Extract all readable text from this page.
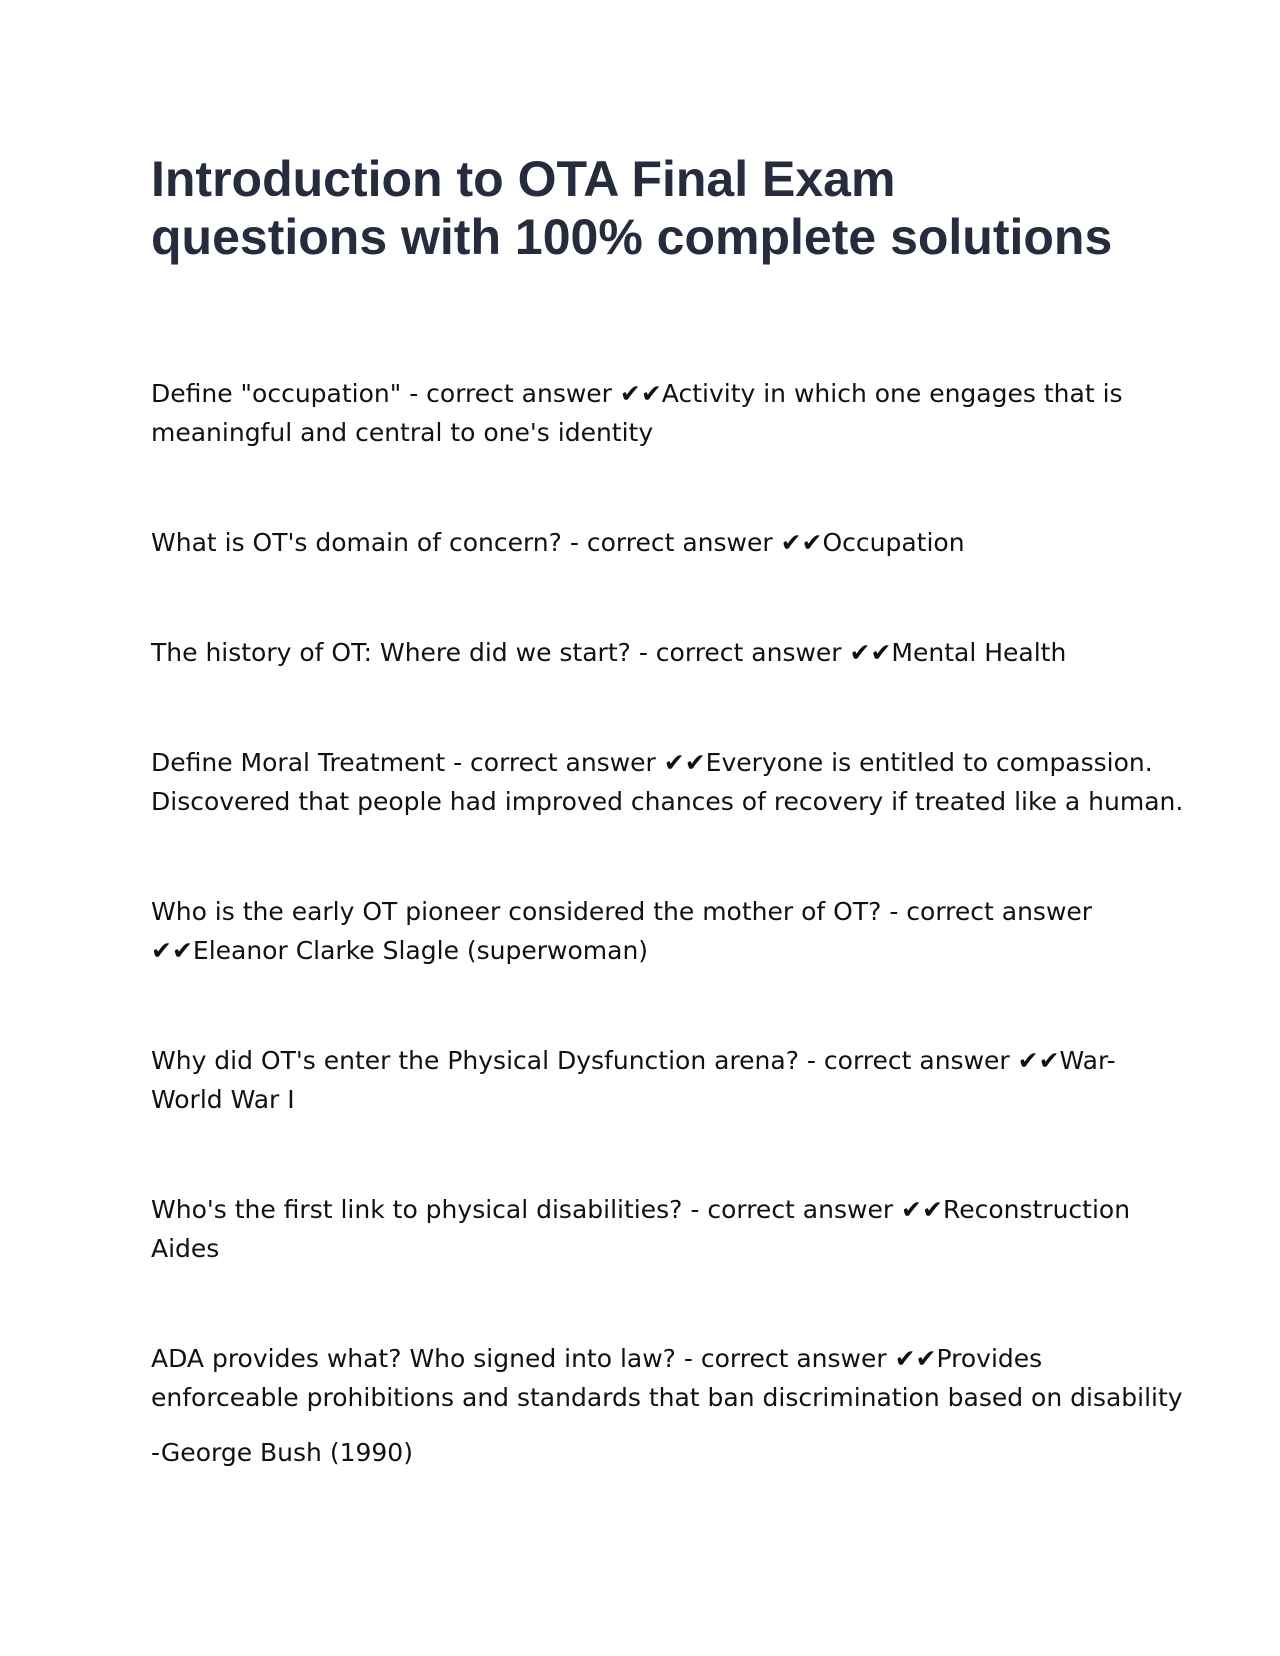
Introduction to OTA Final Exam
questions with 100% complete solutions
Define "occupation" - correct answer ✔✔Activity in which one engages that is
meaningful and central to one's identity
What is OT's domain of concern? - correct answer ✔✔Occupation
The history of OT: Where did we start? - correct answer ✔✔Mental Health
Define Moral Treatment - correct answer ✔✔Everyone is entitled to compassion.
Discovered that people had improved chances of recovery if treated like a human.
Who is the early OT pioneer considered the mother of OT? - correct answer
✔✔Eleanor Clarke Slagle (superwoman)
Why did OT's enter the Physical Dysfunction arena? - correct answer ✔✔War-
World War I
Who's the first link to physical disabilities? - correct answer ✔✔Reconstruction
Aides
ADA provides what? Who signed into law? - correct answer ✔✔Provides
enforceable prohibitions and standards that ban discrimination based on disability
-George Bush (1990)
